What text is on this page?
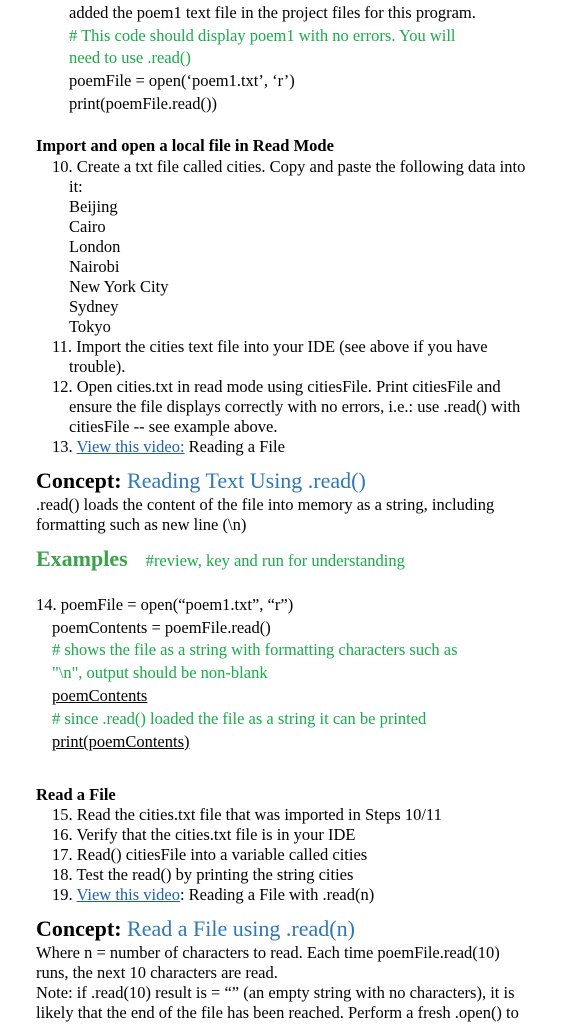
added the poem1 text file in the project files for this program.
# This code should display poem1 with no errors. You will
need to use .read()
poemFile = open(‘poem1.txt’, ‘r’)
print(poemFile.read())
Import and open a local file in Read Mode
10. Create a txt file called cities. Copy and paste the following data into
it:
Beijing
Cairo
London
Nairobi
New York City
Sydney
Tokyo
11. Import the cities text file into your IDE (see above if you have
trouble).
12. Open cities.txt in read mode using citiesFile. Print citiesFile and
ensure the file displays correctly with no errors, i.e.: use .read() with
citiesFile -- see example above.
13. View this video: Reading a File
Concept: Reading Text Using .read()
.read() loads the content of the file into memory as a string, including
formatting such as new line (\n)
Examples #review, key and run for understanding
14. poemFile = open(“poem1.txt”, “r”)
poemContents = poemFile.read()
# shows the file as a string with formatting characters such as
"\n", output should be non-blank
poemContents
# since .read() loaded the file as a string it can be printed
print(poemContents)
Read a File
15. Read the cities.txt file that was imported in Steps 10/11
16. Verify that the cities.txt file is in your IDE
17. Read() citiesFile into a variable called cities
18. Test the read() by printing the string cities
19. View this video: Reading a File with .read(n)
Concept: Read a File using .read(n)
Where n = number of characters to read. Each time poemFile.read(10)
runs, the next 10 characters are read.
Note: if .read(10) result is = “” (an empty string with no characters), it is
likely that the end of the file has been reached. Perform a fresh .open() to
